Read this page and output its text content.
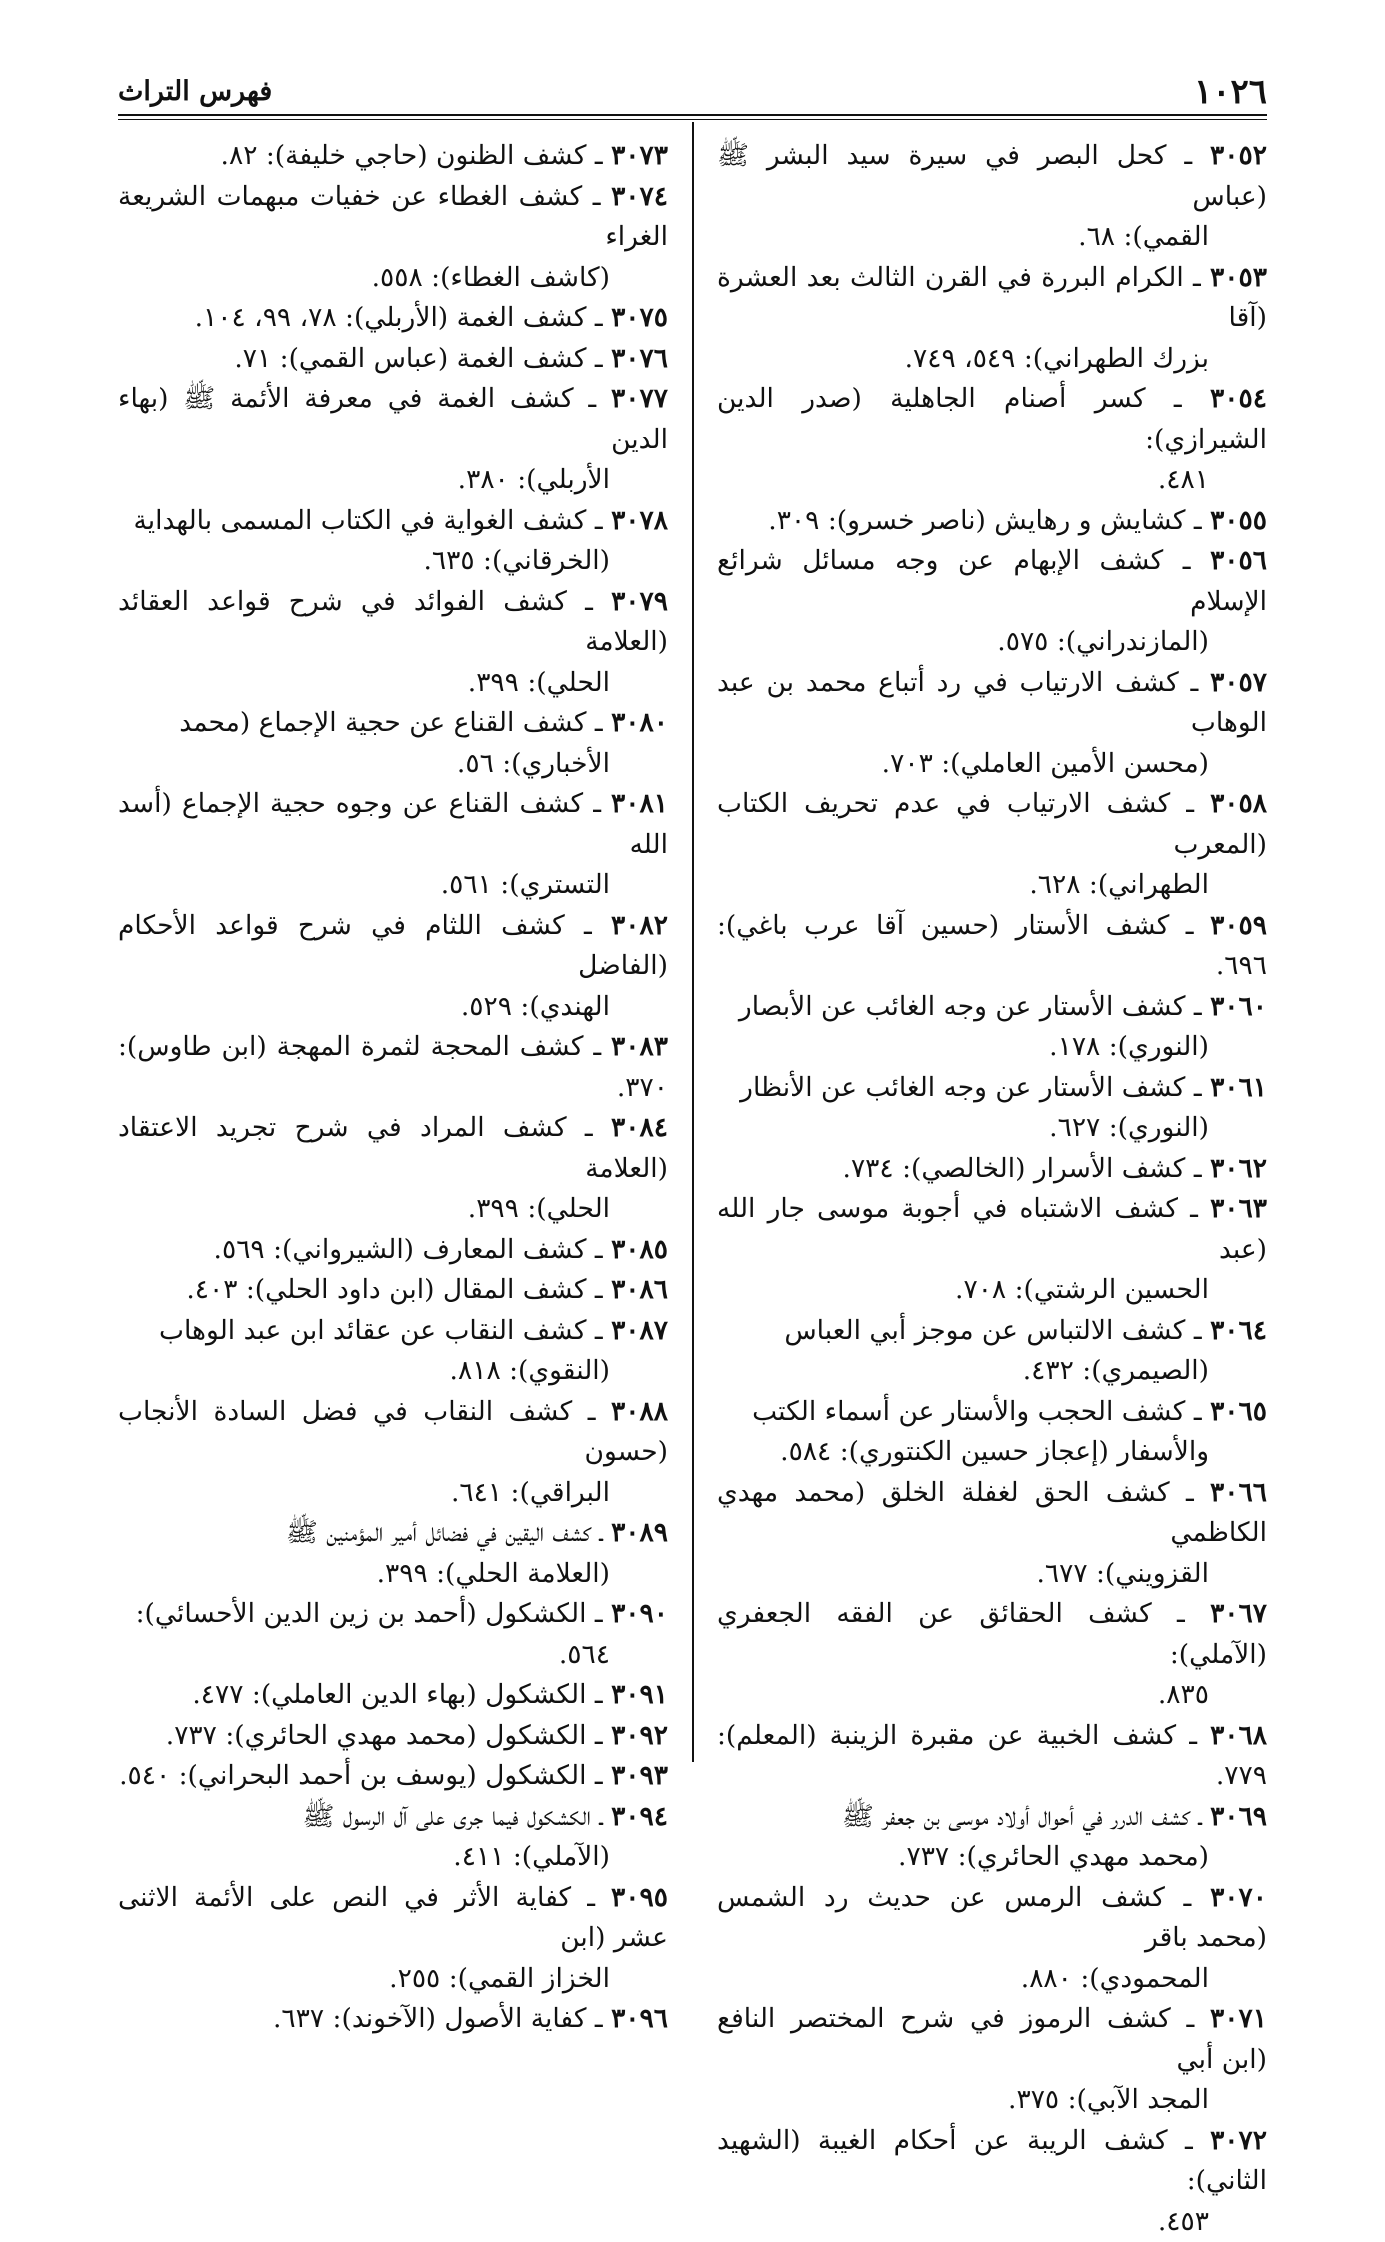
١٠٢٦
فهرس التراث

٣٠٥٢ ـ كحل البصر في سيرة سيد البشر ﷺ (عباس
القمي): ٦٨.

٣٠٥٣ ـ الكرام البررة في القرن الثالث بعد العشرة (آقا
بزرك الطهراني): ٥٤٩، ٧٤٩.

٣٠٥٤ ـ كسر أصنام الجاهلية (صدر الدين الشيرازي):
٤٨١.

٣٠٥٥ ـ كشايش و رهايش (ناصر خسرو): ٣٠٩.

٣٠٥٦ ـ كشف الإبهام عن وجه مسائل شرائع الإسلام
(المازندراني): ٥٧٥.

٣٠٥٧ ـ كشف الارتياب في رد أتباع محمد بن عبد الوهاب
(محسن الأمين العاملي): ٧٠٣.

٣٠٥٨ ـ كشف الارتياب في عدم تحريف الكتاب (المعرب
الطهراني): ٦٢٨.

٣٠٥٩ ـ كشف الأستار (حسين آقا عرب باغي): ٦٩٦.

٣٠٦٠ ـ كشف الأستار عن وجه الغائب عن الأبصار
(النوري): ١٧٨.

٣٠٦١ ـ كشف الأستار عن وجه الغائب عن الأنظار
(النوري): ٦٢٧.

٣٠٦٢ ـ كشف الأسرار (الخالصي): ٧٣٤.

٣٠٦٣ ـ كشف الاشتباه في أجوبة موسى جار الله (عبد
الحسين الرشتي): ٧٠٨.

٣٠٦٤ ـ كشف الالتباس عن موجز أبي العباس
(الصيمري): ٤٣٢.

٣٠٦٥ ـ كشف الحجب والأستار عن أسماء الكتب
والأسفار (إعجاز حسين الكنتوري): ٥٨٤.

٣٠٦٦ ـ كشف الحق لغفلة الخلق (محمد مهدي الكاظمي
القزويني): ٦٧٧.

٣٠٦٧ ـ كشف الحقائق عن الفقه الجعفري (الآملي):
٨٣٥.

٣٠٦٨ ـ كشف الخبية عن مقبرة الزينبة (المعلم): ٧٧٩.

٣٠٦٩ ـ كشف الدرر في أحوال أولاد موسى بن جعفر ﷺ
(محمد مهدي الحائري): ٧٣٧.

٣٠٧٠ ـ كشف الرمس عن حديث رد الشمس (محمد باقر
المحمودي): ٨٨٠.

٣٠٧١ ـ كشف الرموز في شرح المختصر النافع (ابن أبي
المجد الآبي): ٣٧٥.

٣٠٧٢ ـ كشف الريبة عن أحكام الغيبة (الشهيد الثاني):
٤٥٣.

٣٠٧٣ ـ كشف الظنون (حاجي خليفة): ٨٢.

٣٠٧٤ ـ كشف الغطاء عن خفيات مبهمات الشريعة الغراء
(كاشف الغطاء): ٥٥٨.

٣٠٧٥ ـ كشف الغمة (الأربلي): ٧٨، ٩٩، ١٠٤.

٣٠٧٦ ـ كشف الغمة (عباس القمي): ٧١.

٣٠٧٧ ـ كشف الغمة في معرفة الأئمة ﷺ (بهاء الدين
الأربلي): ٣٨٠.

٣٠٧٨ ـ كشف الغواية في الكتاب المسمى بالهداية
(الخرقاني): ٦٣٥.

٣٠٧٩ ـ كشف الفوائد في شرح قواعد العقائد (العلامة
الحلي): ٣٩٩.

٣٠٨٠ ـ كشف القناع عن حجية الإجماع (محمد
الأخباري): ٥٦.

٣٠٨١ ـ كشف القناع عن وجوه حجية الإجماع (أسد الله
التستري): ٥٦١.

٣٠٨٢ ـ كشف اللثام في شرح قواعد الأحكام (الفاضل
الهندي): ٥٢٩.

٣٠٨٣ ـ كشف المحجة لثمرة المهجة (ابن طاوس): ٣٧٠.

٣٠٨٤ ـ كشف المراد في شرح تجريد الاعتقاد (العلامة
الحلي): ٣٩٩.

٣٠٨٥ ـ كشف المعارف (الشيرواني): ٥٦٩.

٣٠٨٦ ـ كشف المقال (ابن داود الحلي): ٤٠٣.

٣٠٨٧ ـ كشف النقاب عن عقائد ابن عبد الوهاب
(النقوي): ٨١٨.

٣٠٨٨ ـ كشف النقاب في فضل السادة الأنجاب (حسون
البراقي): ٦٤١.

٣٠٨٩ ـ كشف اليقين في فضائل أمير المؤمنين ﷺ
(العلامة الحلي): ٣٩٩.

٣٠٩٠ ـ الكشكول (أحمد بن زين الدين الأحسائي):
٥٦٤.

٣٠٩١ ـ الكشكول (بهاء الدين العاملي): ٤٧٧.

٣٠٩٢ ـ الكشكول (محمد مهدي الحائري): ٧٣٧.

٣٠٩٣ ـ الكشكول (يوسف بن أحمد البحراني): ٥٤٠.

٣٠٩٤ ـ الكشكول فيما جرى على آل الرسول ﷺ
(الآملي): ٤١١.

٣٠٩٥ ـ كفاية الأثر في النص على الأئمة الاثنى عشر (ابن
الخزاز القمي): ٢٥٥.

٣٠٩٦ ـ كفاية الأصول (الآخوند): ٦٣٧.
